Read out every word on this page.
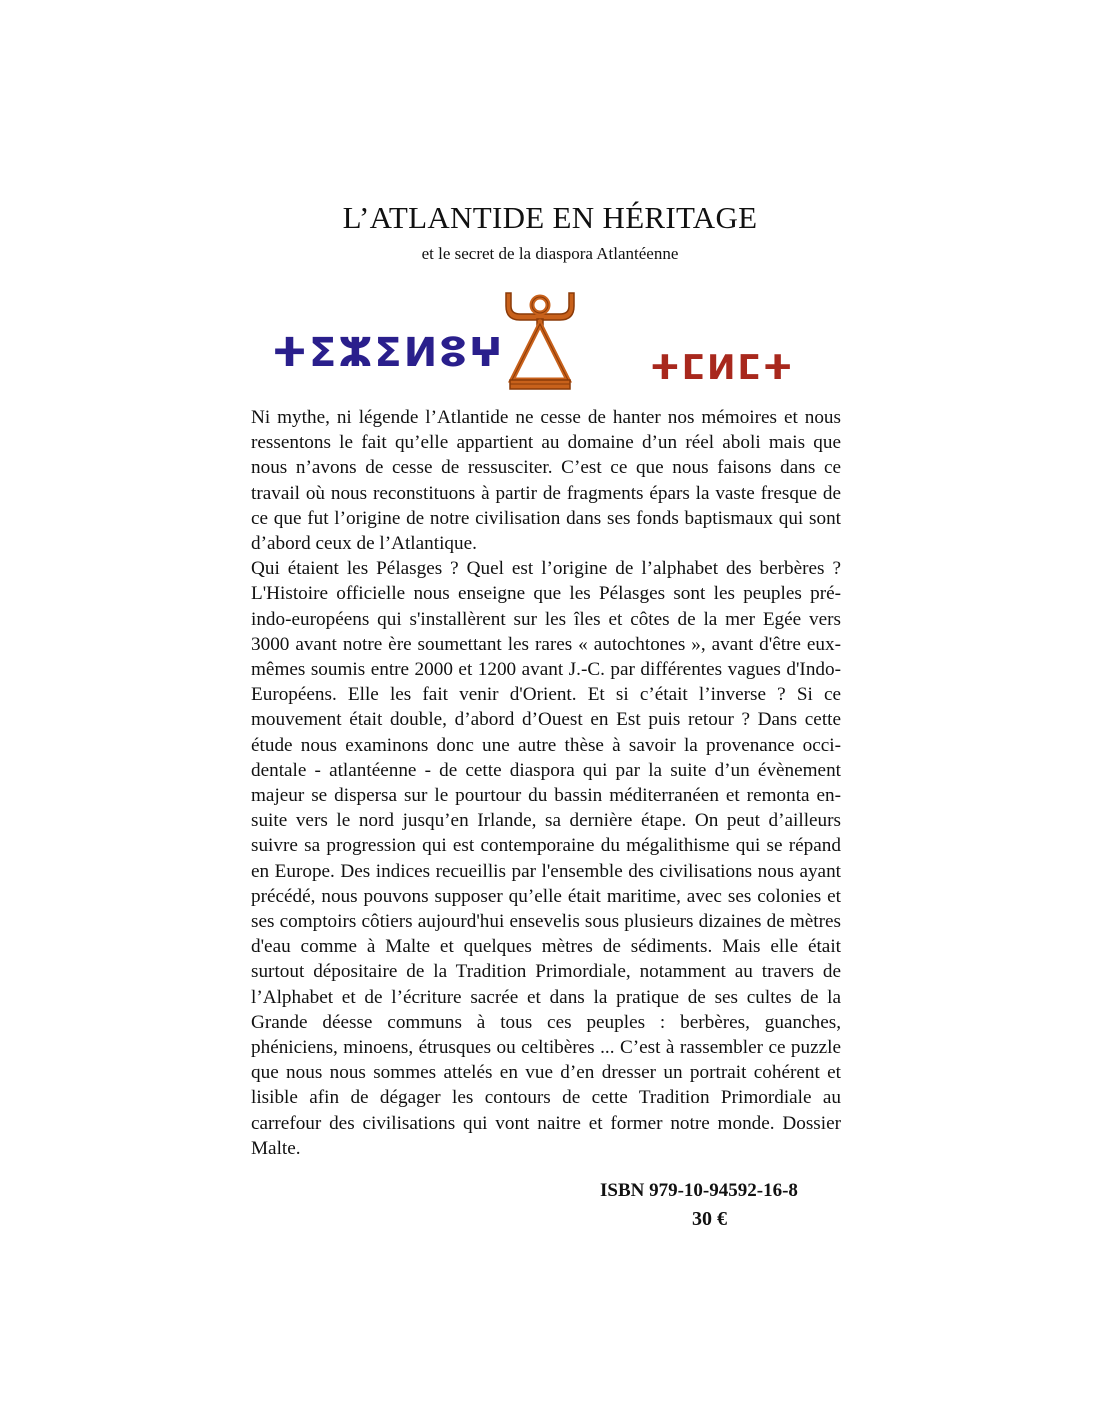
L’ATLANTIDE EN HÉRITAGE
et le secret de la diaspora Atlantéenne
ⵜⵉⵣⵉⵍⵓⵖ	ⵜⵎⵍⵎⵜ

Ni mythe, ni légende l’Atlantide ne cesse de hanter nos mémoires et nous ressentons le fait qu’elle appartient au domaine d’un réel aboli mais que nous n’avons de cesse de ressusciter. C’est ce que nous faisons dans ce travail où nous reconstituons à partir de fragments épars la vaste fresque de ce que fut l’origine de notre civilisation dans ses fonds baptismaux qui sont d’abord ceux de l’Atlantique.

Qui étaient les Pélasges ? Quel est l’origine de l’alphabet des berbères ? L'Histoire officielle nous enseigne que les Pélasges sont les peuples pré-indo-européens qui s'installèrent sur les îles et côtes de la mer Egée vers 3000 avant notre ère soumettant les rares « autochtones », avant d'être eux-mêmes soumis entre 2000 et 1200 avant J.-C. par différentes vagues d'Indo-Européens. Elle les fait venir d'Orient. Et si c’était l’inverse ? Si ce mouvement était double, d’abord d’Ouest en Est puis retour ? Dans cette étude nous examinons donc une autre thèse à savoir la provenance occidentale - atlantéenne - de cette diaspora qui par la suite d’un évènement majeur se dispersa sur le pourtour du bassin méditerranéen et remonta ensuite vers le nord jusqu’en Irlande, sa dernière étape. On peut d’ailleurs suivre sa progression qui est contemporaine du mégalithisme qui se répand en Europe. Des indices recueillis par l'ensemble des civilisations nous ayant précédé, nous pouvons supposer qu’elle était maritime, avec ses colonies et ses comptoirs côtiers aujourd'hui ensevelis sous plusieurs dizaines de mètres d'eau comme à Malte et quelques mètres de sédiments. Mais elle était surtout dépositaire de la Tradition Primordiale, notamment au travers de l’Alphabet et de l’écriture sacrée et dans la pratique de ses cultes de la Grande déesse communs à tous ces peuples : berbères, guanches, phéniciens, minoens, étrusques ou celtibères ... C’est à rassembler ce puzzle que nous nous sommes attelés en vue d’en dresser un portrait cohérent et lisible afin de dégager les contours de cette Tradition Primordiale au carrefour des civilisations qui vont naitre et former notre monde. Dossier Malte.

ISBN 979-10-94592-16-8
30 €
